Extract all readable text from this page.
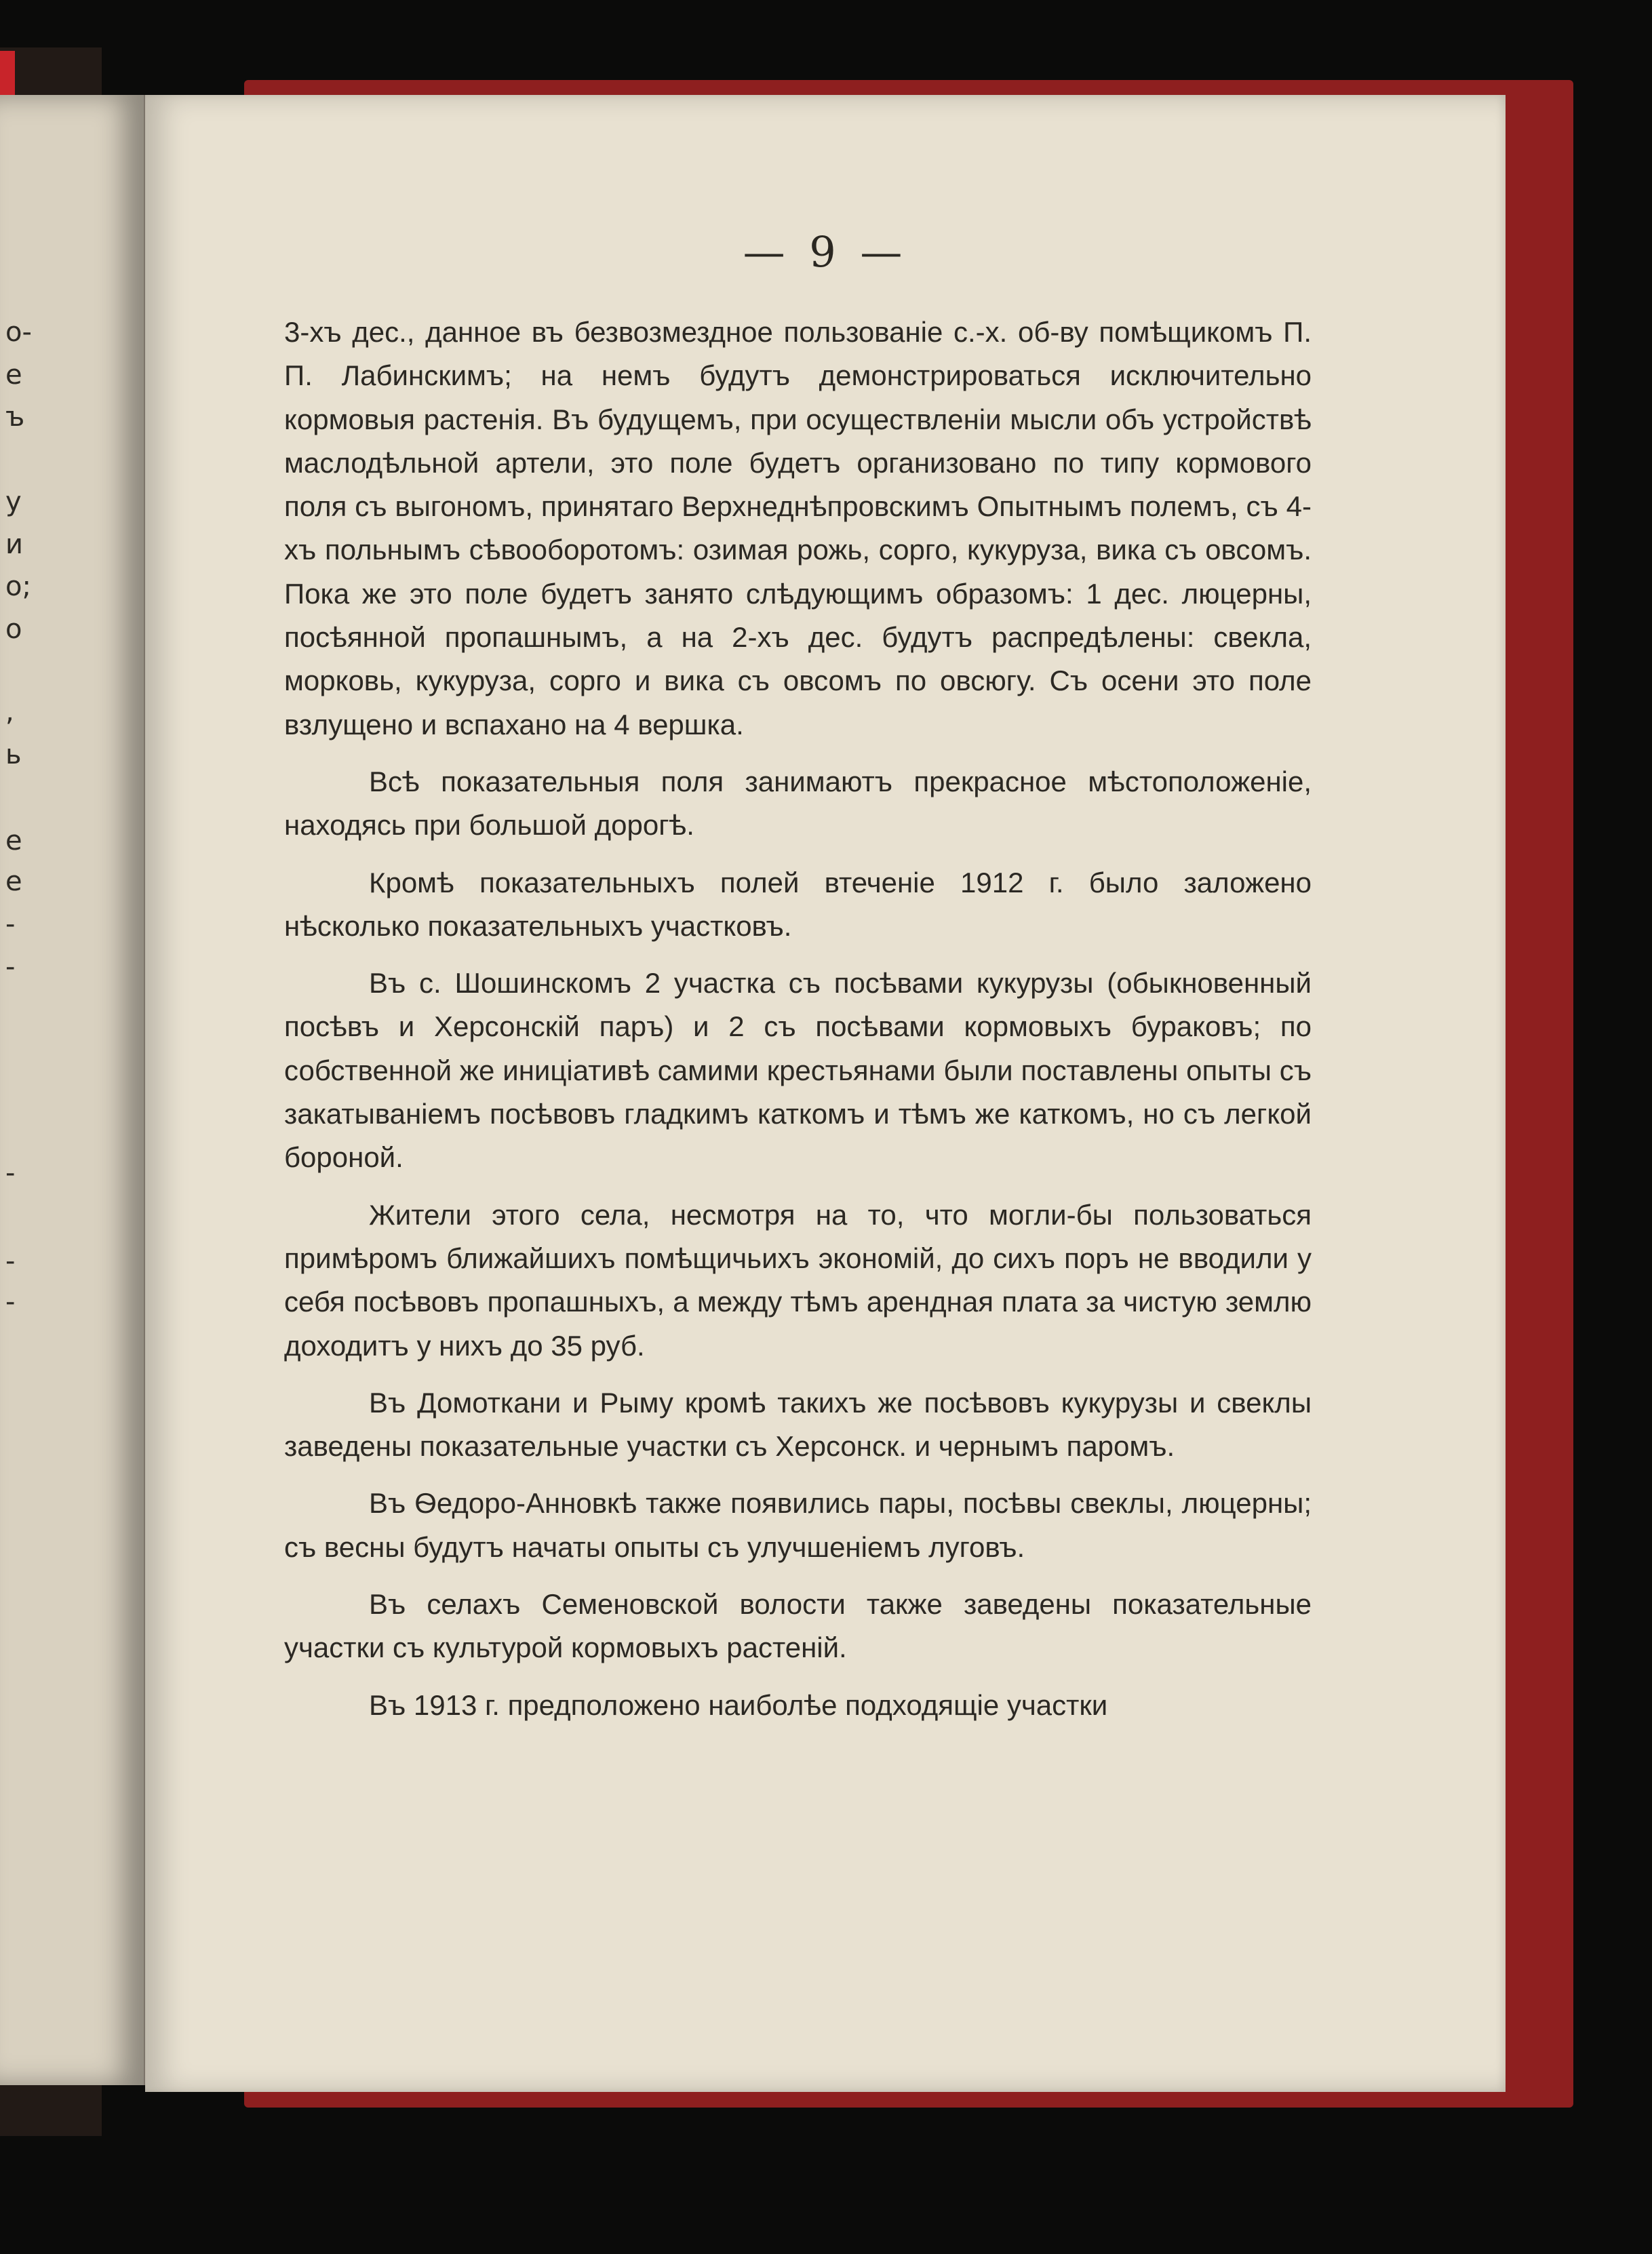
о-
е
ъ
у
и
о;
о
,
ь
е
е
-
-
-
-
-
— 9 —

3-хъ дес., данное въ безвозмездное пользованіе с.-х. об-ву помѣщикомъ П. П. Лабинскимъ; на немъ будутъ демонстрироваться исключительно кормовыя растенія. Въ будущемъ, при осуществленіи мысли объ устройствѣ маслодѣльной артели, это поле будетъ организовано по типу кормового поля съ выгономъ, принятаго Верхнеднѣпровскимъ Опытнымъ полемъ, съ 4-хъ польнымъ сѣвооборотомъ: озимая рожь, сорго, кукуруза, вика съ овсомъ. Пока же это поле будетъ занято слѣдующимъ образомъ: 1 дес. люцерны, посѣянной пропашнымъ, а на 2-хъ дес. будутъ распредѣлены: свекла, морковь, кукуруза, сорго и вика съ овсомъ по овсюгу. Съ осени это поле взлущено и вспахано на 4 вершка.

Всѣ показательныя поля занимаютъ прекрасное мѣстоположеніе, находясь при большой дорогѣ.

Кромѣ показательныхъ полей втеченіе 1912 г. было заложено нѣсколько показательныхъ участковъ.

Въ с. Шошинскомъ 2 участка съ посѣвами кукурузы (обыкновенный посѣвъ и Херсонскій паръ) и 2 съ посѣвами кормовыхъ бураковъ; по собственной же иниціативѣ самими крестьянами были поставлены опыты съ закатываніемъ посѣвовъ гладкимъ каткомъ и тѣмъ же каткомъ, но съ легкой бороной.

Жители этого села, несмотря на то, что могли-бы пользоваться примѣромъ ближайшихъ помѣщичьихъ экономій, до сихъ поръ не вводили у себя посѣвовъ пропашныхъ, а между тѣмъ арендная плата за чистую землю доходитъ у нихъ до 35 руб.

Въ Домоткани и Рыму кромѣ такихъ же посѣвовъ кукурузы и свеклы заведены показательные участки съ Херсонск. и чернымъ паромъ.

Въ Ѳедоро-Анновкѣ также появились пары, посѣвы свеклы, люцерны; съ весны будутъ начаты опыты съ улучшеніемъ луговъ.

Въ селахъ Семеновской волости также заведены показательные участки съ культурой кормовыхъ растеній.

Въ 1913 г. предположено наиболѣе подходящіе участки
